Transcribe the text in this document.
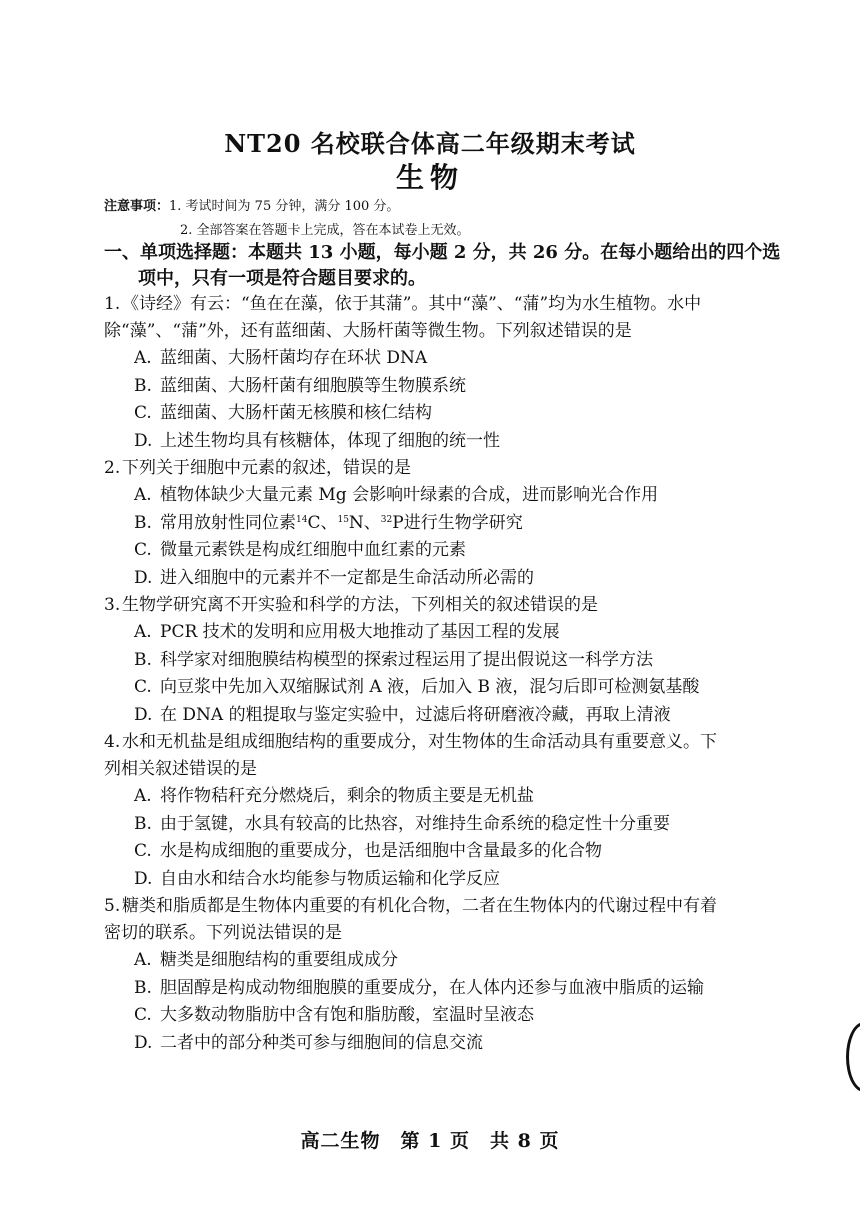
NT20 名校联合体高二年级期末考试
生物
注意事项：1. 考试时间为 75 分钟，满分 100 分。
2. 全部答案在答题卡上完成，答在本试卷上无效。
一、单项选择题：本题共 13 小题，每小题 2 分，共 26 分。在每小题给出的四个选
项中，只有一项是符合题目要求的。
1. 《诗经》有云：“鱼在在藻，依于其蒲”。其中“藻”、“蒲”均为水生植物。水中
除“藻”、“蒲”外，还有蓝细菌、大肠杆菌等微生物。下列叙述错误的是
A. 蓝细菌、大肠杆菌均存在环状 DNA
B. 蓝细菌、大肠杆菌有细胞膜等生物膜系统
C. 蓝细菌、大肠杆菌无核膜和核仁结构
D. 上述生物均具有核糖体，体现了细胞的统一性
2. 下列关于细胞中元素的叙述，错误的是
A. 植物体缺少大量元素 Mg 会影响叶绿素的合成，进而影响光合作用
B. 常用放射性同位素$^{14}$C、$^{15}$N、$^{32}$P进行生物学研究
C. 微量元素铁是构成红细胞中血红素的元素
D. 进入细胞中的元素并不一定都是生命活动所必需的
3. 生物学研究离不开实验和科学的方法，下列相关的叙述错误的是
A. PCR 技术的发明和应用极大地推动了基因工程的发展
B. 科学家对细胞膜结构模型的探索过程运用了提出假说这一科学方法
C. 向豆浆中先加入双缩脲试剂 A 液，后加入 B 液，混匀后即可检测氨基酸
D. 在 DNA 的粗提取与鉴定实验中，过滤后将研磨液冷藏，再取上清液
4. 水和无机盐是组成细胞结构的重要成分，对生物体的生命活动具有重要意义。下
列相关叙述错误的是
A. 将作物秸秆充分燃烧后，剩余的物质主要是无机盐
B. 由于氢键，水具有较高的比热容，对维持生命系统的稳定性十分重要
C. 水是构成细胞的重要成分，也是活细胞中含量最多的化合物
D. 自由水和结合水均能参与物质运输和化学反应
5. 糖类和脂质都是生物体内重要的有机化合物，二者在生物体内的代谢过程中有着
密切的联系。下列说法错误的是
A. 糖类是细胞结构的重要组成成分
B. 胆固醇是构成动物细胞膜的重要成分，在人体内还参与血液中脂质的运输
C. 大多数动物脂肪中含有饱和脂肪酸，室温时呈液态
D. 二者中的部分种类可参与细胞间的信息交流
高二生物　第 1 页　共 8 页
